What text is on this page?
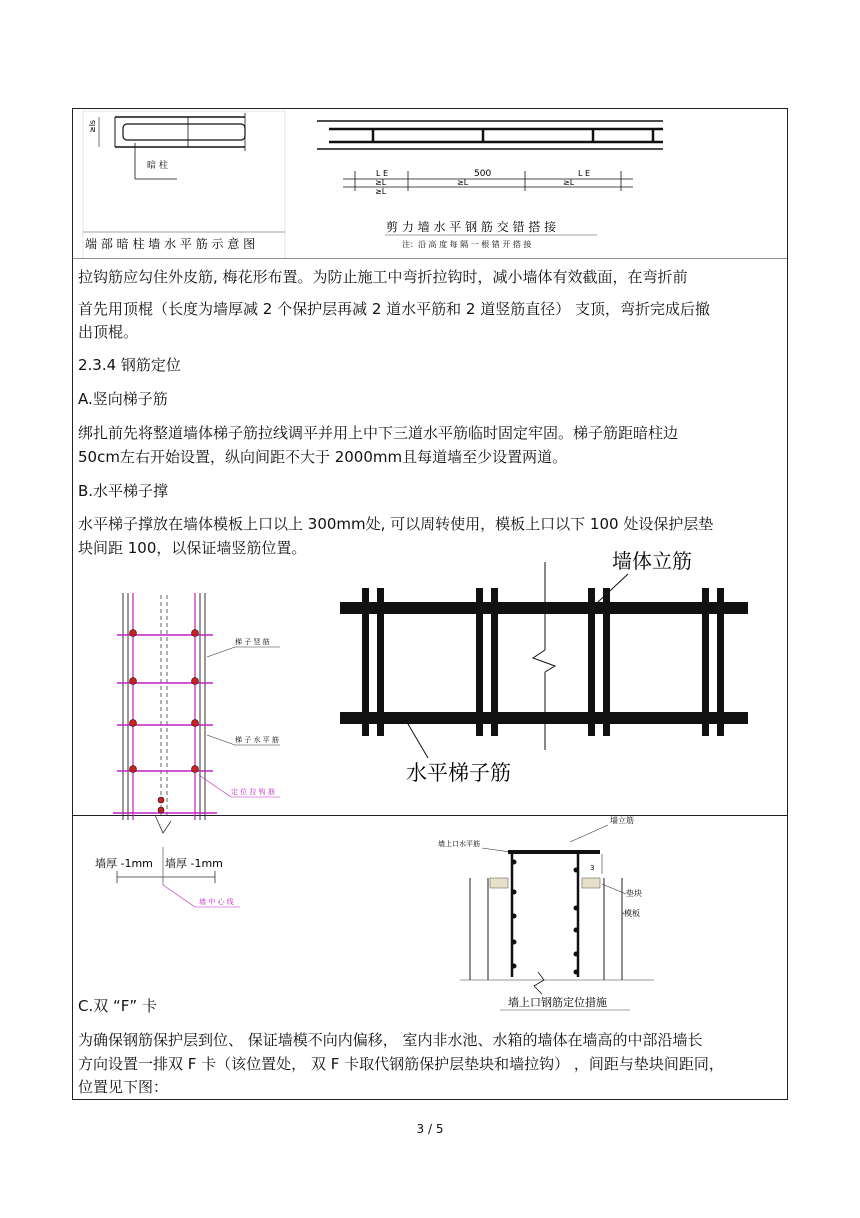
≥ls
暗 柱
端 部 暗 柱 墙 水 平 筋 示 意 图
L E	L E
500
≥L	≥L	≥L
≥L
剪 力 墙 水 平 钢 筋 交 错 搭 接
注：沿 高 度 每 隔 一 根 错 开 搭 接
拉钩筋应勾住外皮筋, 梅花形布置。为防止施工中弯折拉钩时，减小墙体有效截面，在弯折前
首先用顶棍（长度为墙厚减 2 个保护层再减 2 道水平筋和 2 道竖筋直径） 支顶，弯折完成后撤
出顶棍。
2.3.4 钢筋定位
A.竖向梯子筋
绑扎前先将整道墙体梯子筋拉线调平并用上中下三道水平筋临时固定牢固。梯子筋距暗柱边
50cm左右开始设置，纵向间距不大于 2000mm且每道墙至少设置两道。
B.水平梯子撑
水平梯子撑放在墙体模板上口以上 300mm处, 可以周转使用，模板上口以下 100 处设保护层垫
块间距 100，以保证墙竖筋位置。
梯 子 竖 筋
梯 子 水 平 筋
定 位 拉 钩 筋
墙厚 -1mm 墙厚 -1mm
墙 中 心 线
墙体立筋
水平梯子筋
墙立筋
墙上口水平筋
3
垫块
模板
墙上口钢筋定位措施
C.双 “F” 卡
为确保钢筋保护层到位、 保证墙模不向内偏移， 室内非水池、水箱的墙体在墙高的中部沿墙长
方向设置一排双 F 卡（该位置处， 双 F 卡取代钢筋保护层垫块和墙拉钩） ，间距与垫块间距同，
位置见下图：
3 / 5
